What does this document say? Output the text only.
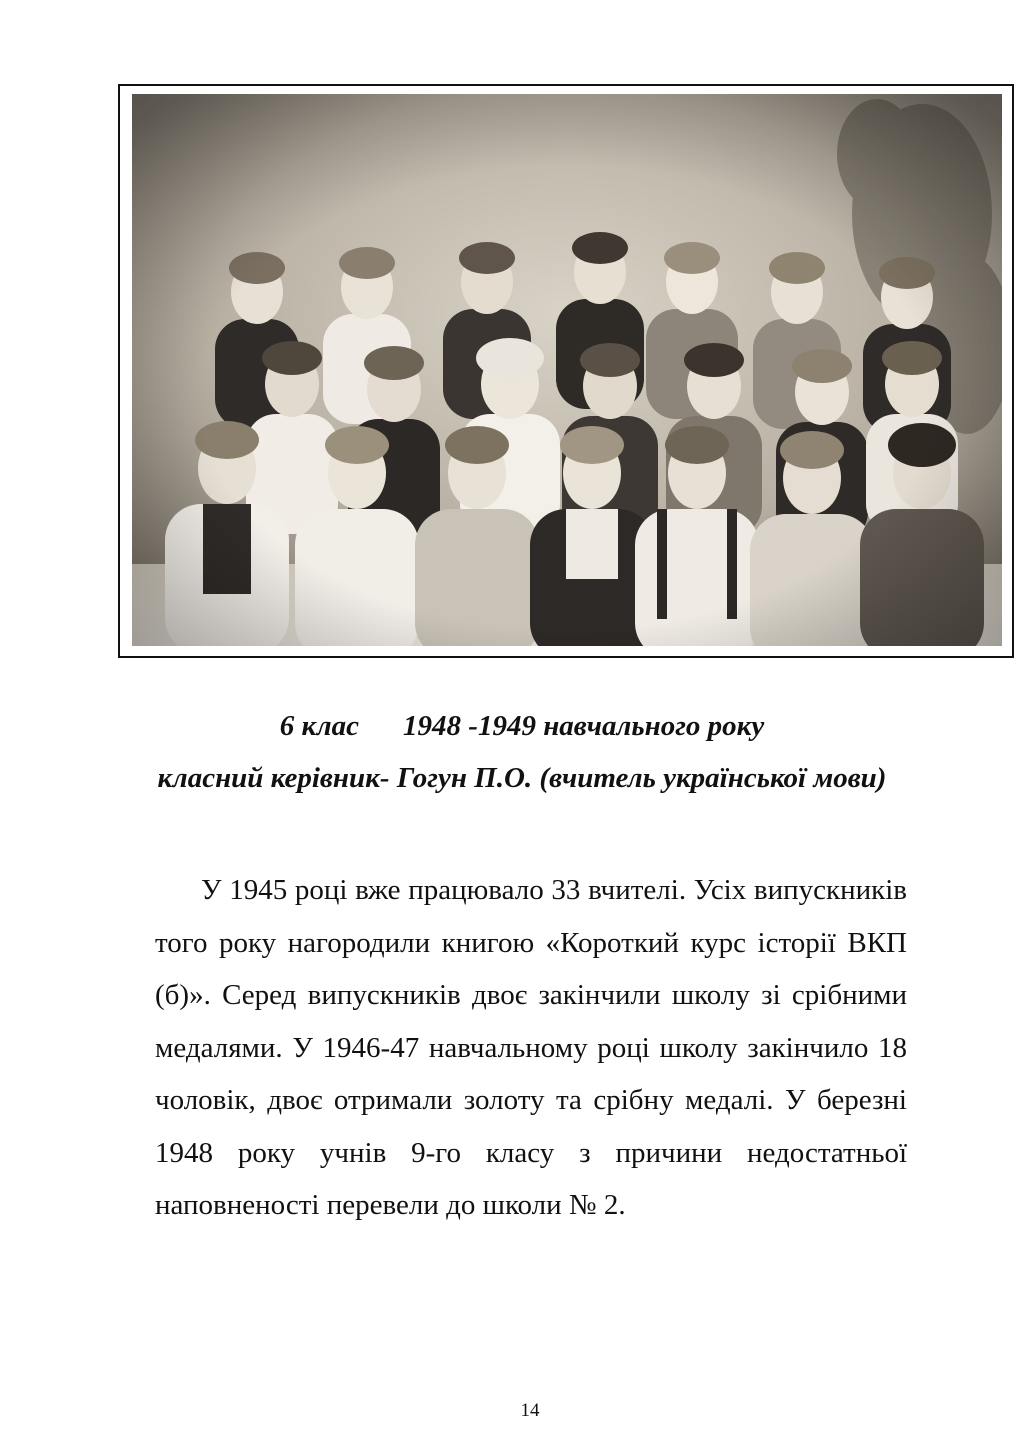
6 клас 1948 -1949 навчального року
класний керівник- Гогун П.О. (вчитель української мови)

У 1945 році вже працювало 33 вчителі. Усіх випускників того року нагородили книгою «Короткий курс історії ВКП (б)». Серед випускників двоє закінчили школу зі срібними медалями. У 1946-47 навчальному році школу закінчило 18 чоловік, двоє отримали золоту та срібну медалі. У березні 1948 року учнів 9-го класу з причини недостатньої наповненості перевели до школи № 2.

14
